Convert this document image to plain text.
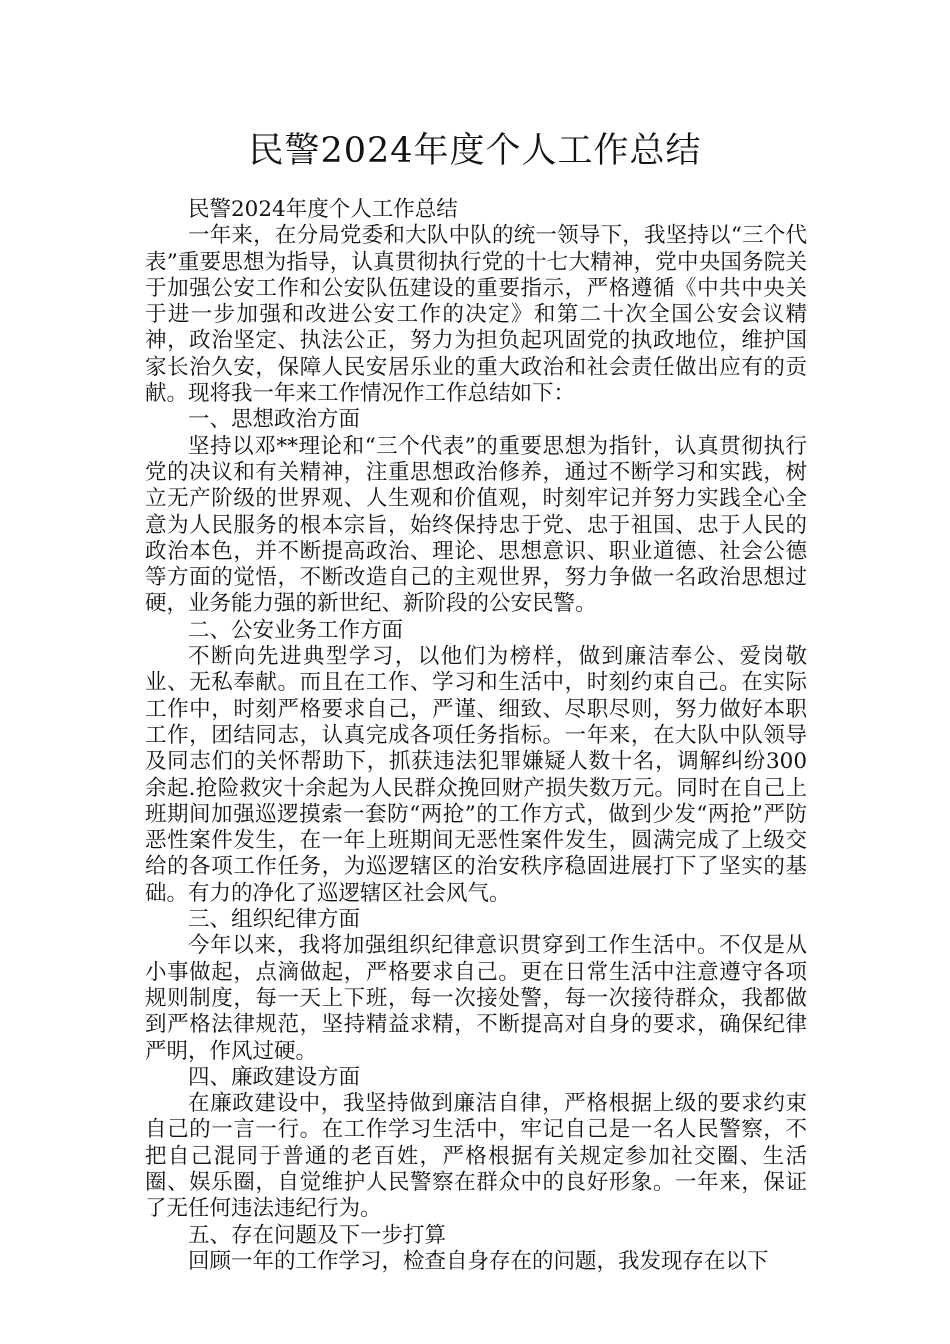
民警2024年度个人工作总结

民警2024年度个人工作总结

一年来，在分局党委和大队中队的统一领导下，我坚持以“三个代表”重要思想为指导，认真贯彻执行党的十七大精神，党中央国务院关于加强公安工作和公安队伍建设的重要指示，严格遵循《中共中央关于进一步加强和改进公安工作的决定》和第二十次全国公安会议精神，政治坚定、执法公正，努力为担负起巩固党的执政地位，维护国家长治久安，保障人民安居乐业的重大政治和社会责任做出应有的贡献。现将我一年来工作情况作工作总结如下：

一、思想政治方面

坚持以邓**理论和“三个代表”的重要思想为指针，认真贯彻执行党的决议和有关精神，注重思想政治修养，通过不断学习和实践，树立无产阶级的世界观、人生观和价值观，时刻牢记并努力实践全心全意为人民服务的根本宗旨，始终保持忠于党、忠于祖国、忠于人民的政治本色，并不断提高政治、理论、思想意识、职业道德、社会公德等方面的觉悟，不断改造自己的主观世界，努力争做一名政治思想过硬，业务能力强的新世纪、新阶段的公安民警。

二、公安业务工作方面

不断向先进典型学习，以他们为榜样，做到廉洁奉公、爱岗敬业、无私奉献。而且在工作、学习和生活中，时刻约束自己。在实际工作中，时刻严格要求自己，严谨、细致、尽职尽则，努力做好本职工作，团结同志，认真完成各项任务指标。一年来，在大队中队领导及同志们的关怀帮助下，抓获违法犯罪嫌疑人数十名，调解纠纷300余起.抢险救灾十余起为人民群众挽回财产损失数万元。同时在自己上班期间加强巡逻摸索一套防“两抢”的工作方式，做到少发“两抢”严防恶性案件发生，在一年上班期间无恶性案件发生，圆满完成了上级交给的各项工作任务，为巡逻辖区的治安秩序稳固进展打下了坚实的基础。有力的净化了巡逻辖区社会风气。

三、组织纪律方面

今年以来，我将加强组织纪律意识贯穿到工作生活中。不仅是从小事做起，点滴做起，严格要求自己。更在日常生活中注意遵守各项规则制度，每一天上下班，每一次接处警，每一次接待群众，我都做到严格法律规范，坚持精益求精，不断提高对自身的要求，确保纪律严明，作风过硬。

四、廉政建设方面

在廉政建设中，我坚持做到廉洁自律，严格根据上级的要求约束自己的一言一行。在工作学习生活中，牢记自己是一名人民警察，不把自己混同于普通的老百姓，严格根据有关规定参加社交圈、生活圈、娱乐圈，自觉维护人民警察在群众中的良好形象。一年来，保证了无任何违法违纪行为。

五、存在问题及下一步打算

回顾一年的工作学习，检查自身存在的问题，我发现存在以下
